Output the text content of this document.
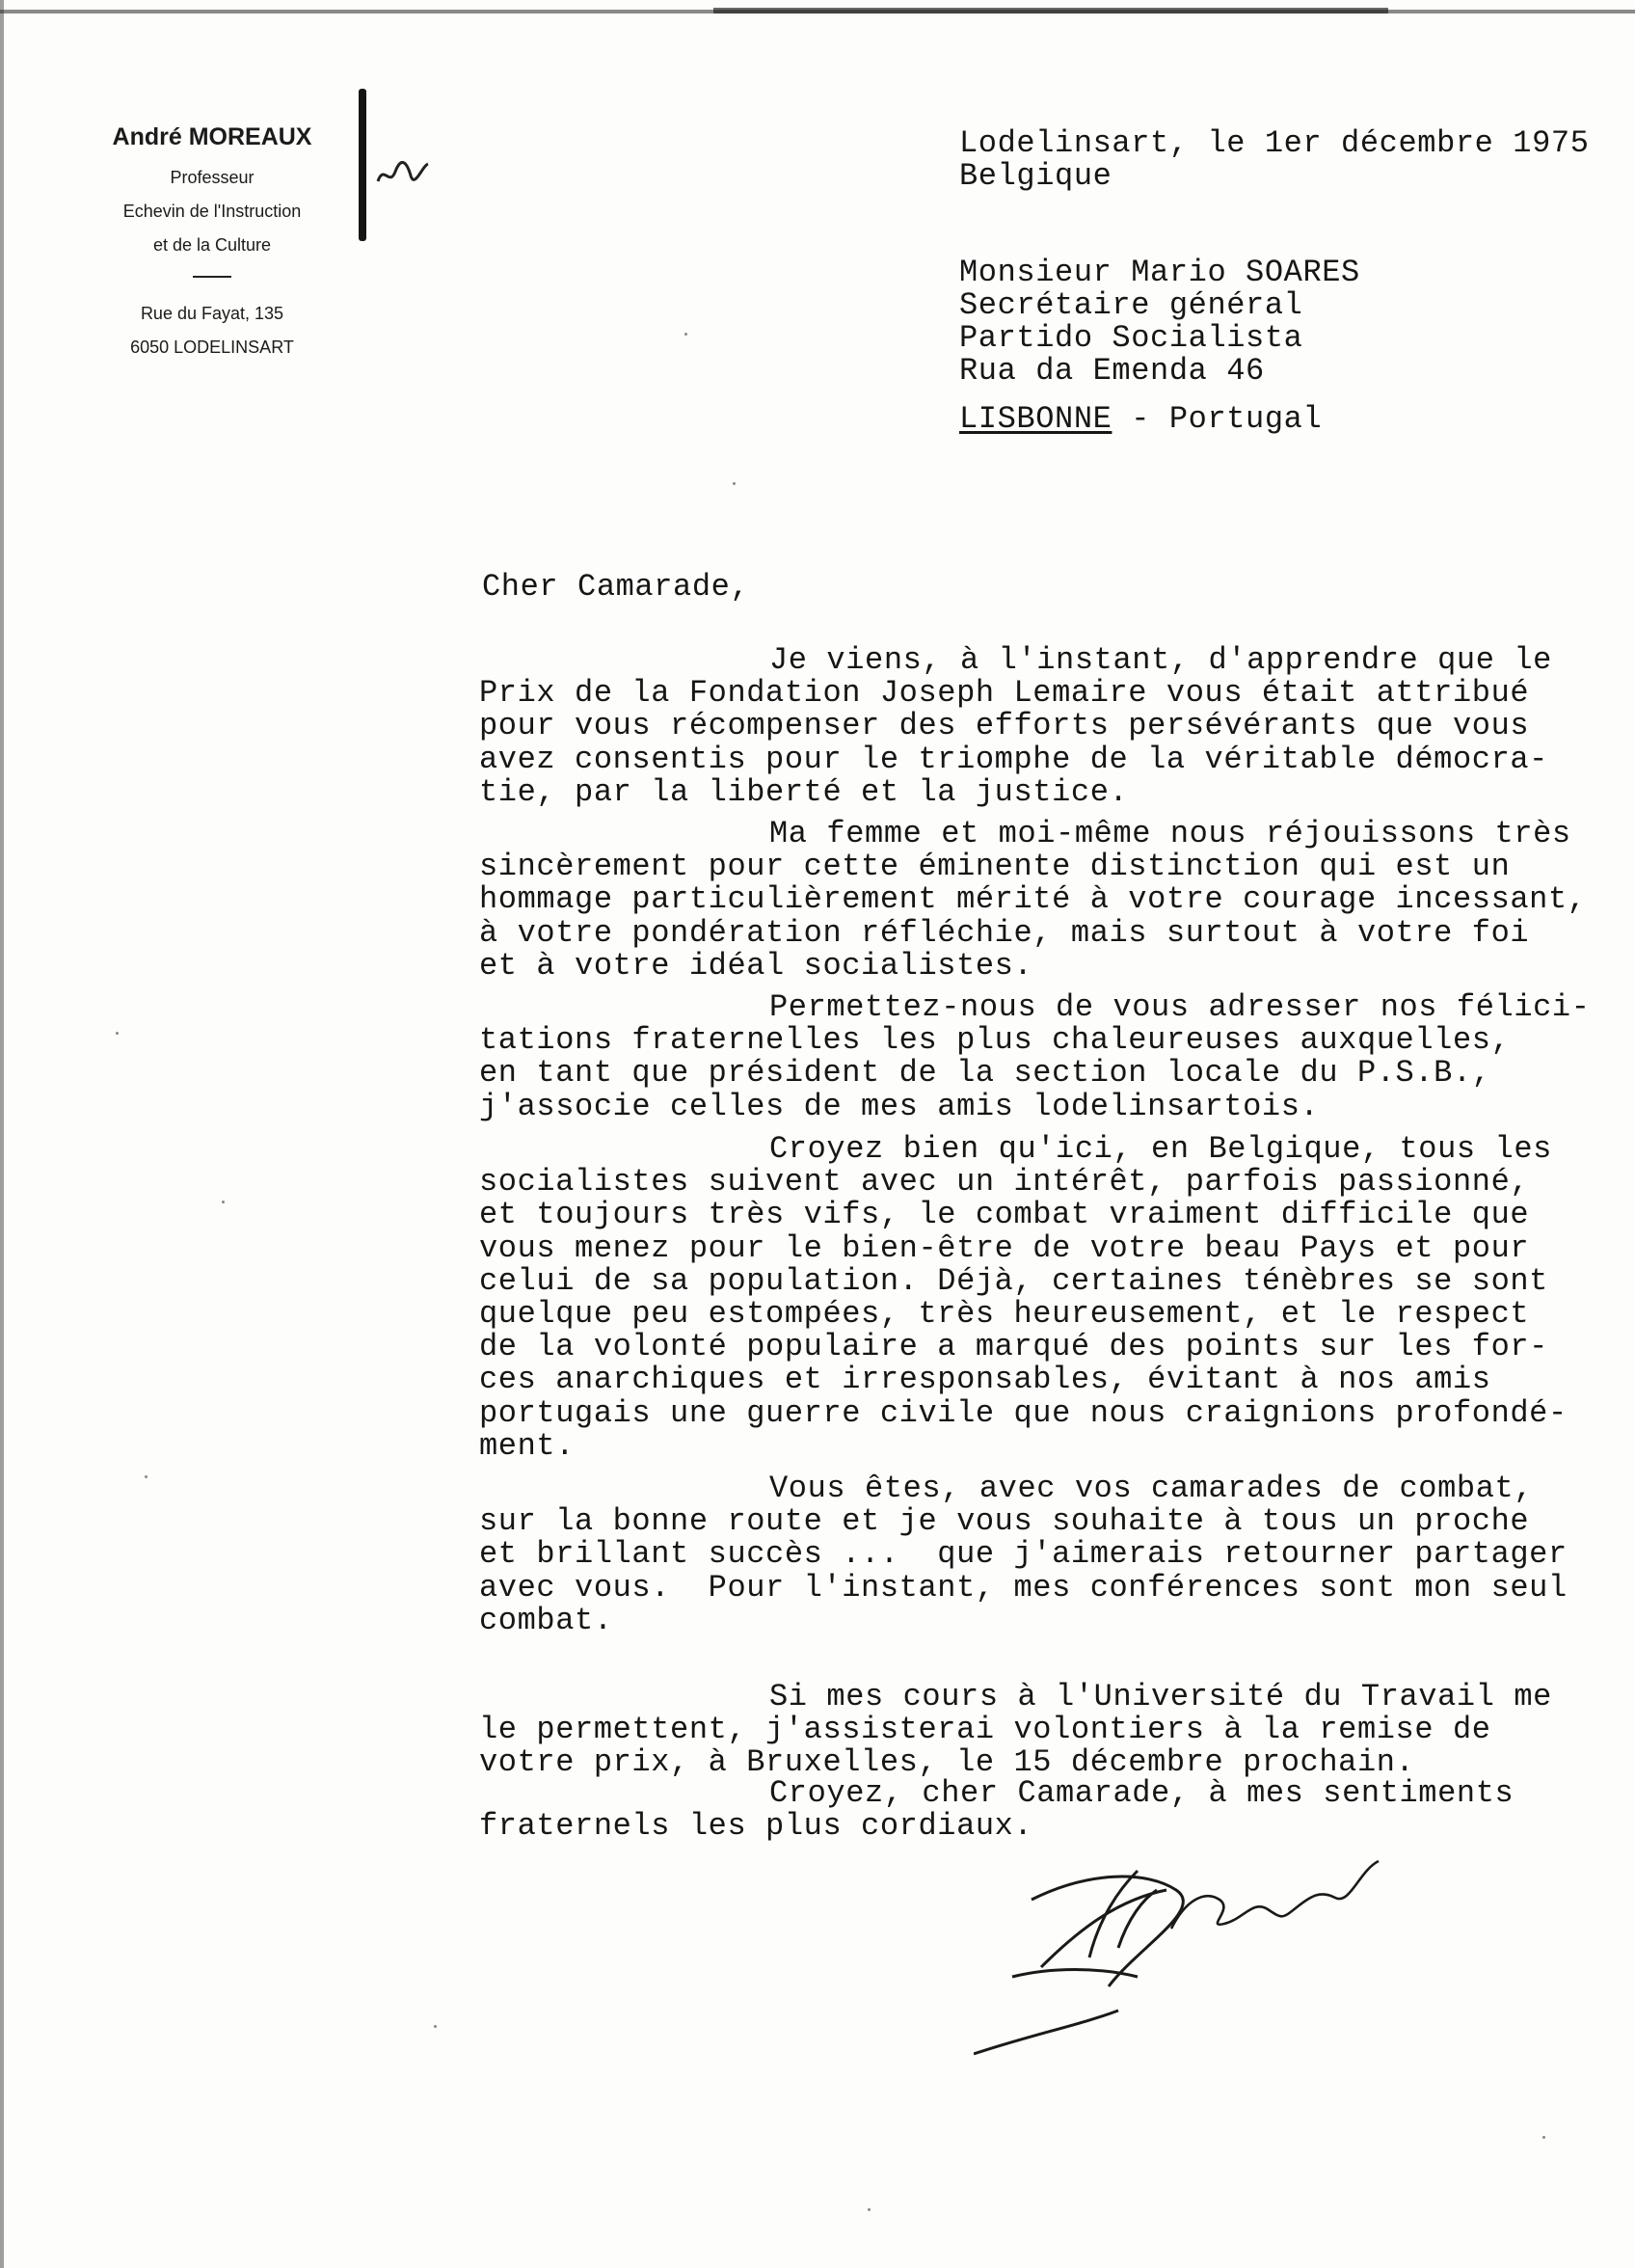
André MOREAUX

Professeur

Echevin de l'Instruction

et de la Culture

Rue du Fayat, 135

6050 LODELINSART

Lodelinsart, le 1er décembre 1975

Belgique

Monsieur Mario SOARES

Secrétaire général

Partido Socialista

Rua da Emenda 46

LISBONNE - Portugal

Cher Camarade,

Je viens, à l'instant, d'apprendre que le

Prix de la Fondation Joseph Lemaire vous était attribué

pour vous récompenser des efforts persévérants que vous

avez consentis pour le triomphe de la véritable démocra-

tie, par la liberté et la justice.

Ma femme et moi-même nous réjouissons très

sincèrement pour cette éminente distinction qui est un

hommage particulièrement mérité à votre courage incessant,

à votre pondération réfléchie, mais surtout à votre foi

et à votre idéal socialistes.

Permettez-nous de vous adresser nos félici-

tations fraternelles les plus chaleureuses auxquelles,

en tant que président de la section locale du P.S.B.,

j'associe celles de mes amis lodelinsartois.

Croyez bien qu'ici, en Belgique, tous les

socialistes suivent avec un intérêt, parfois passionné,

et toujours très vifs, le combat vraiment difficile que

vous menez pour le bien-être de votre beau Pays et pour

celui de sa population. Déjà, certaines ténèbres se sont

quelque peu estompées, très heureusement, et le respect

de la volonté populaire a marqué des points sur les for-

ces anarchiques et irresponsables, évitant à nos amis

portugais une guerre civile que nous craignions profondé-

ment.

Vous êtes, avec vos camarades de combat,

sur la bonne route et je vous souhaite à tous un proche

et brillant succès ...  que j'aimerais retourner partager

avec vous.  Pour l'instant, mes conférences sont mon seul

combat.

Si mes cours à l'Université du Travail me

le permettent, j'assisterai volontiers à la remise de

votre prix, à Bruxelles, le 15 décembre prochain.

Croyez, cher Camarade, à mes sentiments

fraternels les plus cordiaux.
